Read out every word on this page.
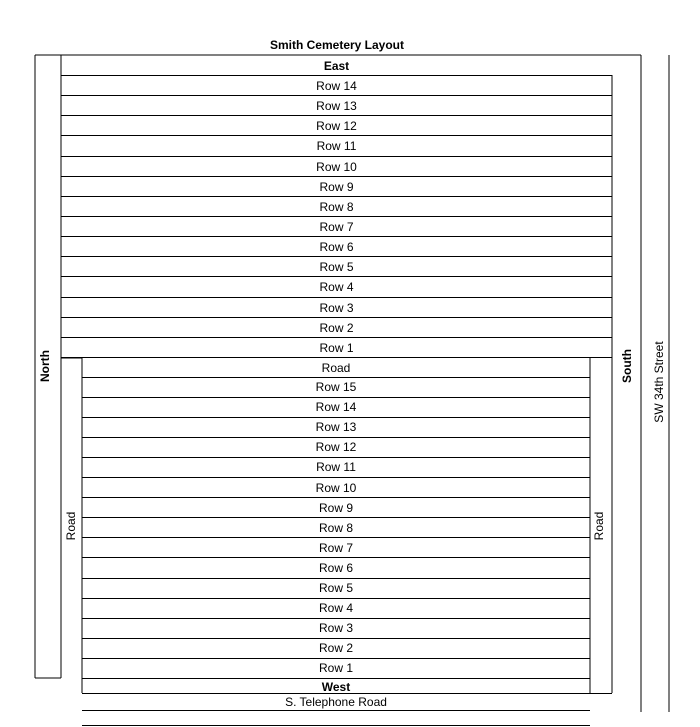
Smith Cemetery Layout
East
Row 14
Row 13
Row 12
Row 11
Row 10
Row 9
Row 8
Row 7
Row 6
Row 5
Row 4
Row 3
Row 2
Row 1
Road
Row 15
Row 14
Row 13
Row 12
Row 11
Row 10
Row 9
Row 8
Row 7
Row 6
Row 5
Row 4
Row 3
Row 2
Row 1
West
S. Telephone Road
North	South
Road	Road
SW 34th Street
